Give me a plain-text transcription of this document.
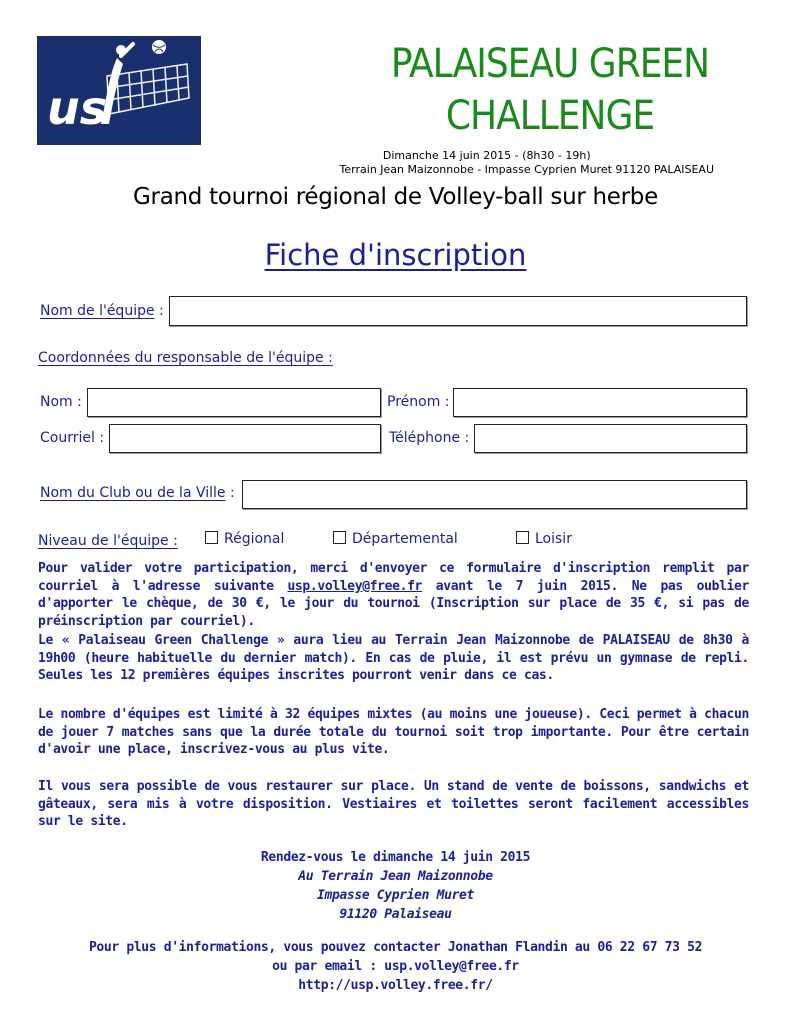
us
PALAISEAU GREEN
CHALLENGE
Dimanche 14 juin 2015 - (8h30 - 19h)
Terrain Jean Maizonnobe - Impasse Cyprien Muret 91120 PALAISEAU
Grand tournoi régional de Volley-ball sur herbe
Fiche d'inscription
Nom de l'équipe :
Coordonnées du responsable de l'équipe :
Nom :	Prénom :
Courriel :	Téléphone :
Nom du Club ou de la Ville :
Niveau de l'équipe :	Régional	Départemental	Loisir
Pour valider votre participation, merci d'envoyer ce formulaire d'inscription remplit par courriel à l'adresse suivante usp.volley@free.fr avant le 7 juin 2015. Ne pas oublier d'apporter le chèque, de 30 €, le jour du tournoi (Inscription sur place de 35 €, si pas de préinscription par courriel).
Le « Palaiseau Green Challenge » aura lieu au Terrain Jean Maizonnobe de PALAISEAU de 8h30 à 19h00 (heure habituelle du dernier match). En cas de pluie, il est prévu un gymnase de repli. Seules les 12 premières équipes inscrites pourront venir dans ce cas.
Le nombre d'équipes est limité à 32 équipes mixtes (au moins une joueuse). Ceci permet à chacun de jouer 7 matches sans que la durée totale du tournoi soit trop importante. Pour être certain d'avoir une place, inscrivez-vous au plus vite.
Il vous sera possible de vous restaurer sur place. Un stand de vente de boissons, sandwichs et gâteaux, sera mis à votre disposition. Vestiaires et toilettes seront facilement accessibles sur le site.
Rendez-vous le dimanche 14 juin 2015
Au Terrain Jean Maizonnobe
Impasse Cyprien Muret
91120 Palaiseau
Pour plus d'informations, vous pouvez contacter Jonathan Flandin au 06 22 67 73 52
ou par email : usp.volley@free.fr
http://usp.volley.free.fr/
